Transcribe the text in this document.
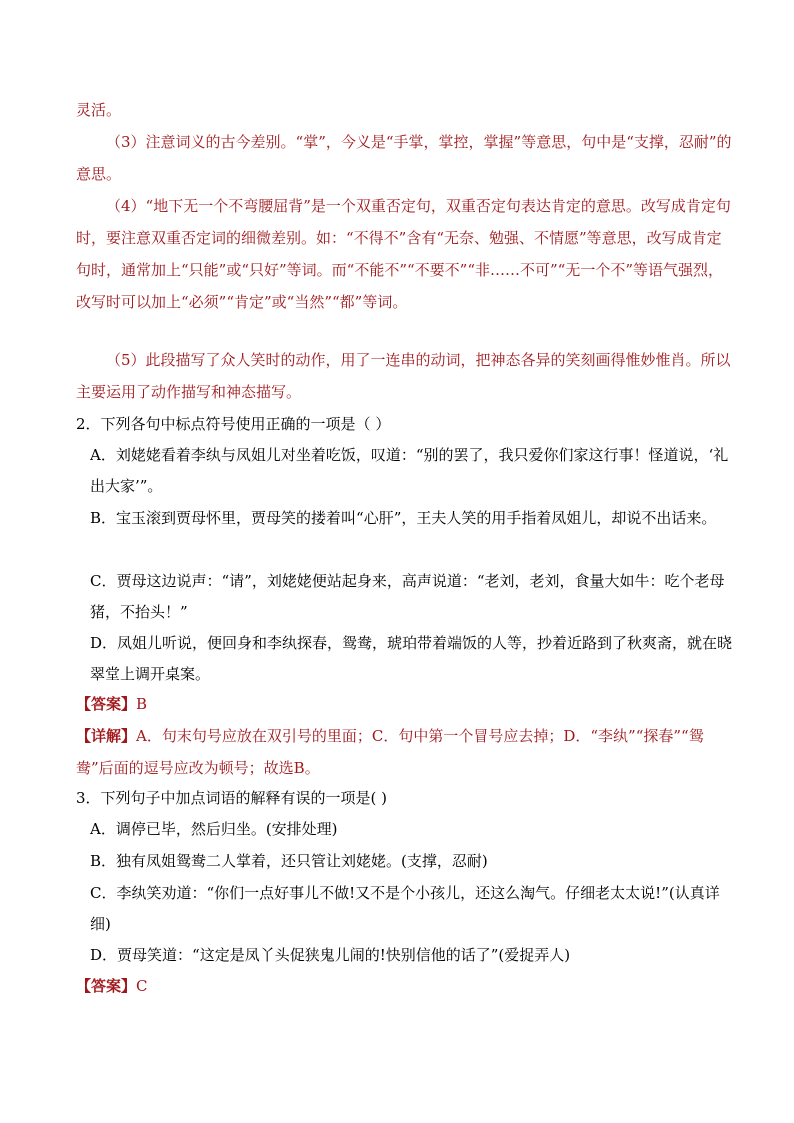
灵活。
（3）注意词义的古今差别。“掌”，今义是“手掌，掌控，掌握”等意思，句中是“支撑，忍耐”的意思。
（4）“地下无一个不弯腰屈背”是一个双重否定句，双重否定句表达肯定的意思。改写成肯定句时，要注意双重否定词的细微差别。如：“不得不”含有“无奈、勉强、不情愿”等意思，改写成肯定句时，通常加上“只能”或“只好”等词。而“不能不”“不要不”“非……不可”“无一个不”等语气强烈，改写时可以加上“必须”“肯定”或“当然”“都”等词。
（5）此段描写了众人笑时的动作，用了一连串的动词，把神态各异的笑刻画得惟妙惟肖。所以主要运用了动作描写和神态描写。
2．下列各句中标点符号使用正确的一项是（ ）
A．刘姥姥看着李纨与凤姐儿对坐着吃饭，叹道：“别的罢了，我只爱你们家这行事！怪道说，‘礼出大家’”。
B．宝玉滚到贾母怀里，贾母笑的搂着叫“心肝”，王夫人笑的用手指着凤姐儿，却说不出话来。
C．贾母这边说声：“请”，刘姥姥便站起身来，高声说道：“老刘，老刘，食量大如牛：吃个老母猪，不抬头！”
D．凤姐儿听说，便回身和李纨探春，鸳鸯，琥珀带着端饭的人等，抄着近路到了秋爽斋，就在晓翠堂上调开桌案。
【答案】B
【详解】A．句末句号应放在双引号的里面；C．句中第一个冒号应去掉；D．“李纨”“探春”“鸳鸯”后面的逗号应改为顿号；故选B。
3．下列句子中加点词语的解释有误的一项是( )
A．调停已毕，然后归坐。(安排处理)
B．独有凤姐鸳鸯二人掌着，还只管让刘姥姥。(支撑，忍耐)
C．李纨笑劝道：“你们一点好事儿不做!又不是个小孩儿，还这么淘气。仔细老太太说!”(认真详细)
D．贾母笑道：“这定是凤丫头促狭鬼儿闹的!快别信他的话了”(爱捉弄人)
【答案】C
